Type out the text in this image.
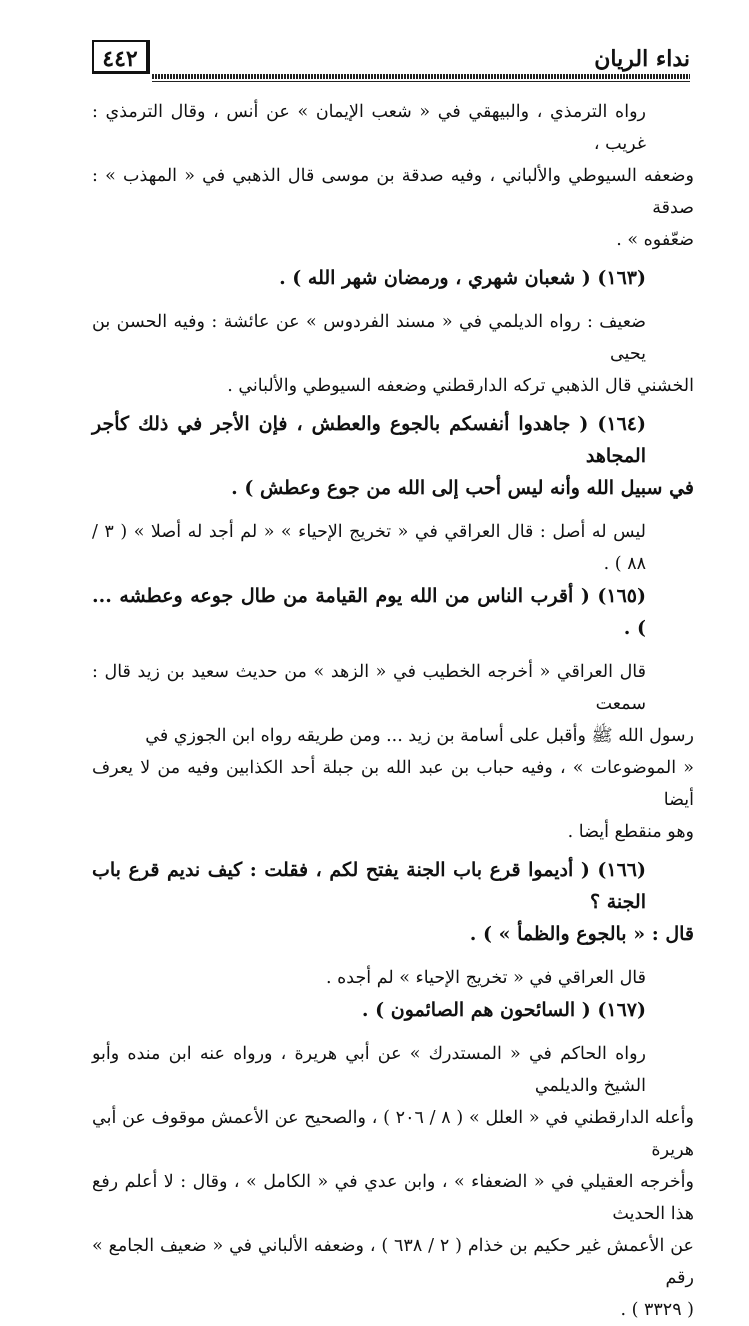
٤٤٢	نداء الريان

رواه الترمذي ، والبيهقي في « شعب الإيمان » عن أنس ، وقال الترمذي : غريب ،

وضعفه السيوطي والألباني ، وفيه صدقة بن موسى قال الذهبي في « المهذب » : صدقة

ضعّفوه » .

(١٦٣) ( شعبان شهري ، ورمضان شهر الله ) .

ضعيف : رواه الديلمي في « مسند الفردوس » عن عائشة : وفيه الحسن بن يحيى

الخشني قال الذهبي تركه الدارقطني وضعفه السيوطي والألباني .

(١٦٤) ( جاهدوا أنفسكم بالجوع والعطش ، فإن الأجر في ذلك كأجر المجاهد

في سبيل الله وأنه ليس أحب إلى الله من جوع وعطش ) .

ليس له أصل : قال العراقي في « تخريج الإحياء » « لم أجد له أصلا » ( ٣ / ٨٨ ) .

(١٦٥) ( أقرب الناس من الله يوم القيامة من طال جوعه وعطشه ... ) .

قال العراقي « أخرجه الخطيب في « الزهد » من حديث سعيد بن زيد قال : سمعت

رسول الله ﷺ وأقبل على أسامة بن زيد ... ومن طريقه رواه ابن الجوزي في

« الموضوعات » ، وفيه حباب بن عبد الله بن جبلة أحد الكذابين وفيه من لا يعرف أيضا

وهو منقطع أيضا .

(١٦٦) ( أديموا قرع باب الجنة يفتح لكم ، فقلت : كيف نديم قرع باب الجنة ؟

قال : « بالجوع والظمأ » ) .

قال العراقي في « تخريج الإحياء » لم أجده .

(١٦٧) ( السائحون هم الصائمون ) .

رواه الحاكم في « المستدرك » عن أبي هريرة ، ورواه عنه ابن منده وأبو الشيخ والديلمي

وأعله الدارقطني في « العلل » ( ٨ / ٢٠٦ ) ، والصحيح عن الأعمش موقوف عن أبي هريرة

وأخرجه العقيلي في « الضعفاء » ، وابن عدي في « الكامل » ، وقال : لا أعلم رفع هذا الحديث

عن الأعمش غير حكيم بن خذام ( ٢ / ٦٣٨ ) ، وضعفه الألباني في « ضعيف الجامع » رقم

( ٣٣٢٩ ) .
